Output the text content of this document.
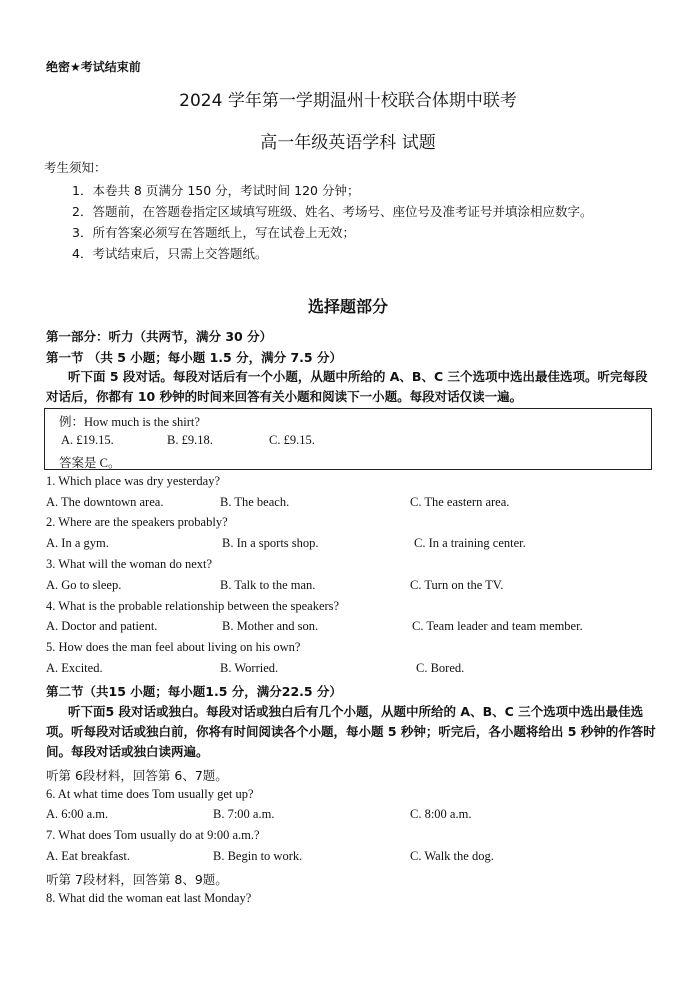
绝密★考试结束前
2024 学年第一学期温州十校联合体期中联考
高一年级英语学科 试题
考生须知：
1．本卷共 8 页满分 150 分，考试时间 120 分钟；
2．答题前，在答题卷指定区域填写班级、姓名、考场号、座位号及准考证号并填涂相应数字。
3．所有答案必须写在答题纸上，写在试卷上无效；
4．考试结束后，只需上交答题纸。
选择题部分
第一部分：听力（共两节，满分 30 分）
第一节 （共 5 小题；每小题 1.5 分，满分 7.5 分）
听下面 5 段对话。每段对话后有一个小题，从题中所给的 A、B、C 三个选项中选出最佳选项。听完每段对话后，你都有 10 秒钟的时间来回答有关小题和阅读下一小题。每段对话仅读一遍。
例：How much is the shirt?
A. £19.15.	B. £9.18.	C. £9.15.
答案是 C。
1. Which place was dry yesterday?
A. The downtown area.	B. The beach.	C. The eastern area.
2. Where are the speakers probably?
A. In a gym.	B. In a sports shop.	C. In a training center.
3. What will the woman do next?
A. Go to sleep.	B. Talk to the man.	C. Turn on the TV.
4. What is the probable relationship between the speakers?
A. Doctor and patient.	B. Mother and son.	C. Team leader and team member.
5. How does the man feel about living on his own?
A. Excited.	B. Worried.	C. Bored.
第二节（共15 小题；每小题1.5 分，满分22.5 分）
听下面5 段对话或独白。每段对话或独白后有几个小题，从题中所给的 A、B、C 三个选项中选出最佳选项。听每段对话或独白前，你将有时间阅读各个小题，每小题 5 秒钟；听完后，各小题将给出 5 秒钟的作答时间。每段对话或独白读两遍。
听第 6段材料，回答第 6、7题。
6. At what time does Tom usually get up?
A. 6:00 a.m.	B. 7:00 a.m.	C. 8:00 a.m.
7. What does Tom usually do at 9:00 a.m.?
A. Eat breakfast.	B. Begin to work.	C. Walk the dog.
听第 7段材料，回答第 8、9题。
8. What did the woman eat last Monday?
